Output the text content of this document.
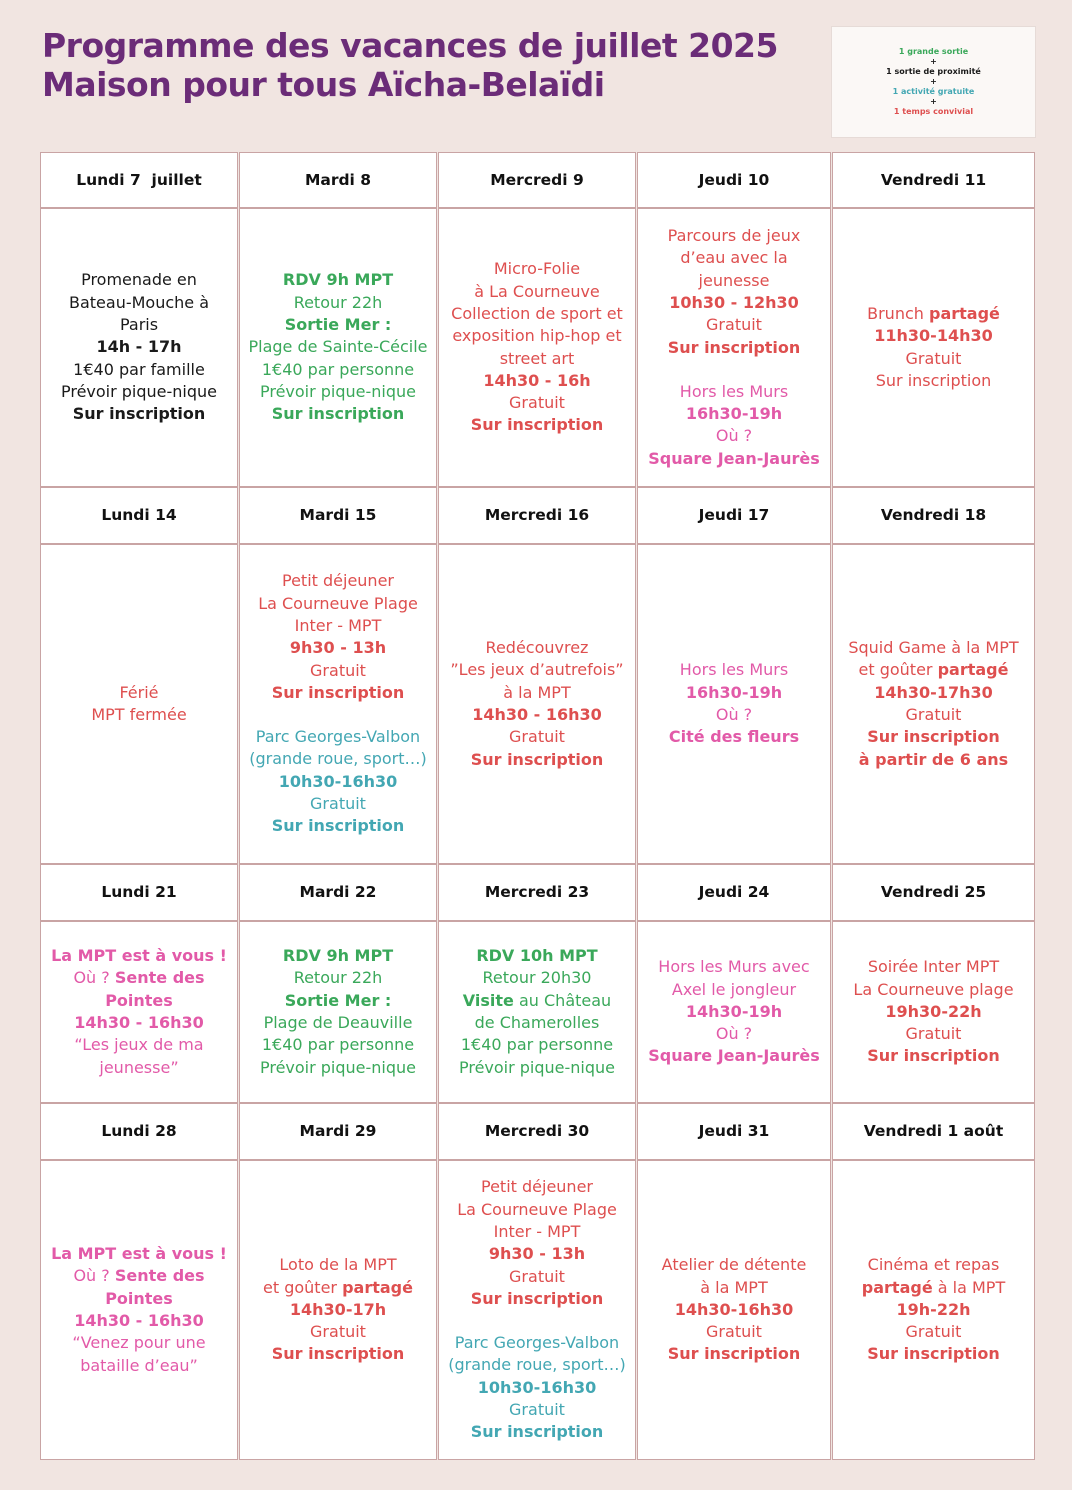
Programme des vacances de juillet 2025
Maison pour tous Aïcha-Belaïdi
1 grande sortie
+
1 sortie de proximité
+
1 activité gratuite
+
1 temps convivial
Lundi 7  juillet
Promenade en
Bateau-Mouche à
Paris
14h - 17h
1€40 par famille
Prévoir pique-nique
Sur inscription
Mardi 8
RDV 9h MPT
Retour 22h
Sortie Mer :
Plage de Sainte-Cécile
1€40 par personne
Prévoir pique-nique
Sur inscription
Mercredi 9
Micro-Folie
à La Courneuve
Collection de sport et
exposition hip-hop et
street art
14h30 - 16h
Gratuit
Sur inscription
Jeudi 10
Parcours de jeux
d’eau avec la
jeunesse
10h30 - 12h30
Gratuit
Sur inscription
Hors les Murs
16h30-19h
Où ?
Square Jean-Jaurès
Vendredi 11
Brunch partagé
11h30-14h30
Gratuit
Sur inscription
Lundi 14
Férié
MPT fermée
Mardi 15
Petit déjeuner
La Courneuve Plage
Inter - MPT
9h30 - 13h
Gratuit
Sur inscription
Parc Georges-Valbon
(grande roue, sport…)
10h30-16h30
Gratuit
Sur inscription
Mercredi 16
Redécouvrez
”Les jeux d’autrefois”
à la MPT
14h30 - 16h30
Gratuit
Sur inscription
Jeudi 17
Hors les Murs
16h30-19h
Où ?
Cité des fleurs
Vendredi 18
Squid Game à la MPT
et goûter partagé
14h30-17h30
Gratuit
Sur inscription
à partir de 6 ans
Lundi 21
La MPT est à vous !
Où ? Sente des
Pointes
14h30 - 16h30
“Les jeux de ma
jeunesse”
Mardi 22
RDV 9h MPT
Retour 22h
Sortie Mer :
Plage de Deauville
1€40 par personne
Prévoir pique-nique
Mercredi 23
RDV 10h MPT
Retour 20h30
Visite au Château
de Chamerolles
1€40 par personne
Prévoir pique-nique
Jeudi 24
Hors les Murs avec
Axel le jongleur
14h30-19h
Où ?
Square Jean-Jaurès
Vendredi 25
Soirée Inter MPT
La Courneuve plage
19h30-22h
Gratuit
Sur inscription
Lundi 28
La MPT est à vous !
Où ? Sente des
Pointes
14h30 - 16h30
“Venez pour une
bataille d’eau”
Mardi 29
Loto de la MPT
et goûter partagé
14h30-17h
Gratuit
Sur inscription
Mercredi 30
Petit déjeuner
La Courneuve Plage
Inter - MPT
9h30 - 13h
Gratuit
Sur inscription
Parc Georges-Valbon
(grande roue, sport…)
10h30-16h30
Gratuit
Sur inscription
Jeudi 31
Atelier de détente
à la MPT
14h30-16h30
Gratuit
Sur inscription
Vendredi 1 août
Cinéma et repas
partagé à la MPT
19h-22h
Gratuit
Sur inscription
